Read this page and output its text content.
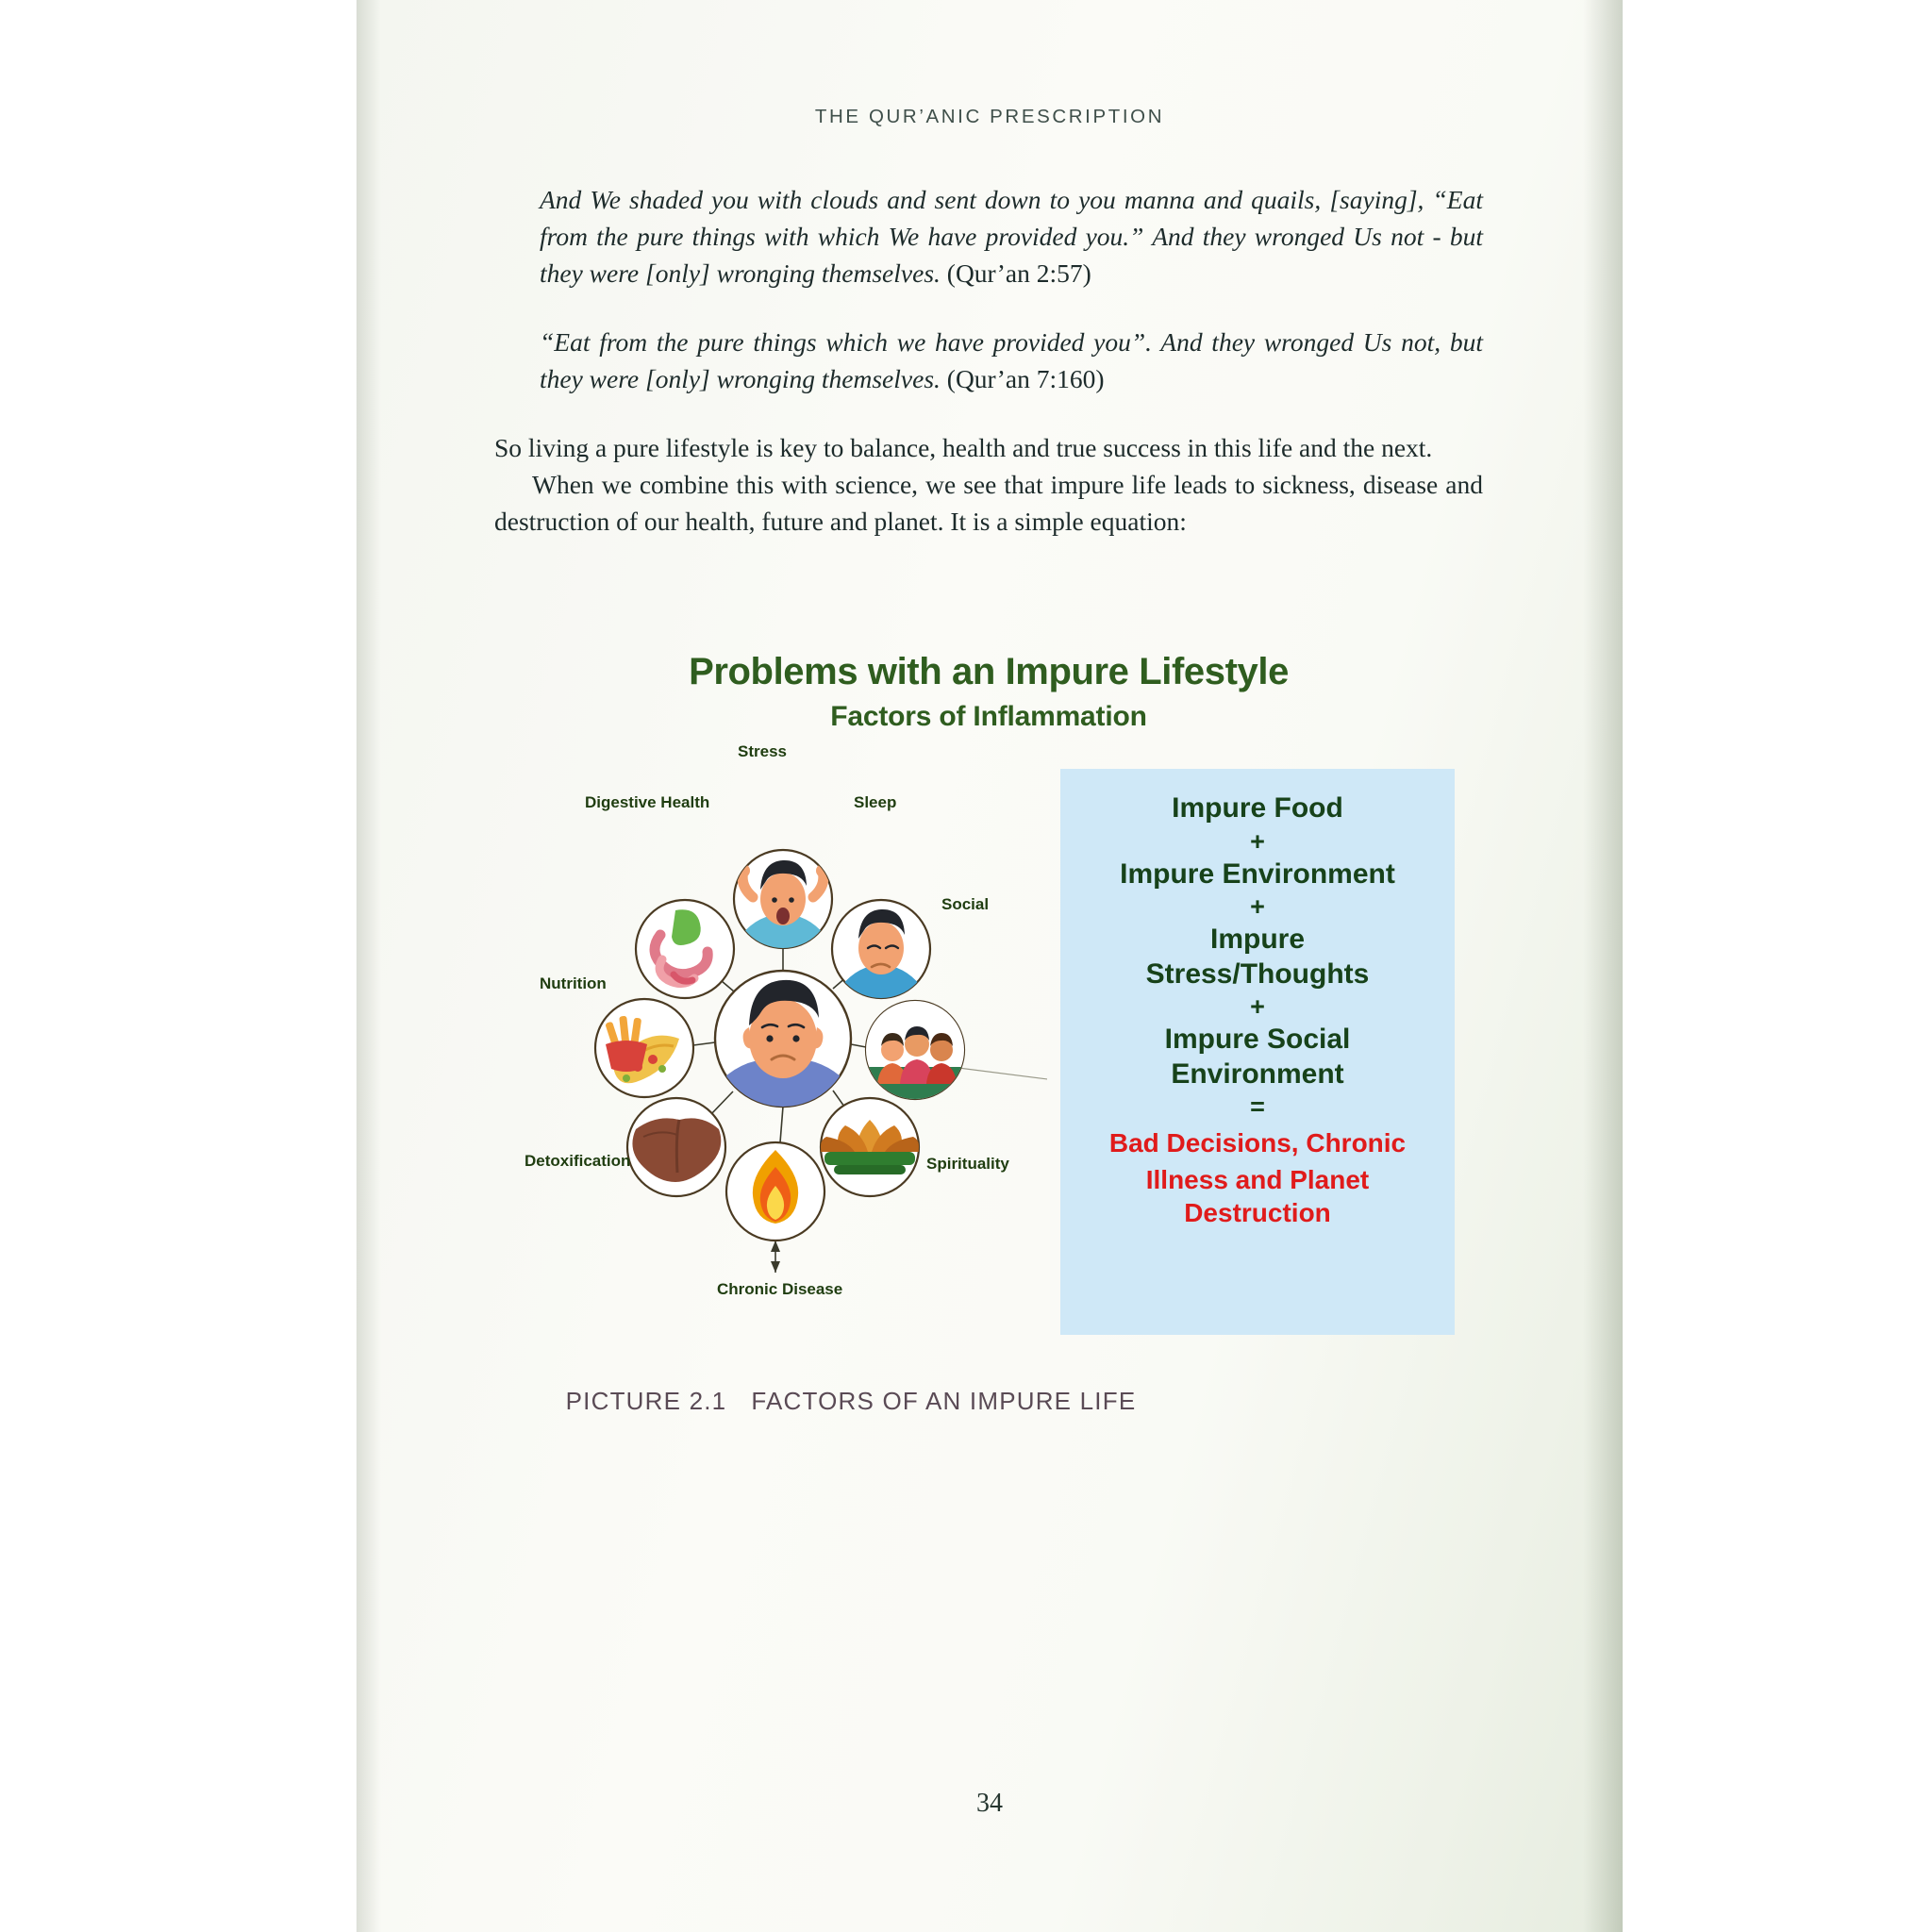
THE QUR’ANIC PRESCRIPTION

And We shaded you with clouds and sent down to you manna and quails, [saying], “Eat from the pure things with which We have provided you.” And they wronged Us not - but they were [only] wronging themselves. (Qur’an 2:57)

“Eat from the pure things which we have provided you”. And they wronged Us not, but they were [only] wronging themselves. (Qur’an 7:160)

So living a pure lifestyle is key to balance, health and true success in this life and the next.

When we combine this with science, we see that impure life leads to sickness, disease and destruction of our health, future and planet. It is a simple equation:

Problems with an Impure Lifestyle
Factors of Inflammation
Stress
Sleep
Social
Spirituality
Chronic Disease
Detoxification
Nutrition
Digestive Health	Impure Food
+
Impure Environment
+
Impure
Stress/Thoughts
+
Impure Social
Environment
=
Bad Decisions, Chronic
Illness and Planet Destruction
PICTURE 2.1 FACTORS OF AN IMPURE LIFE
34
